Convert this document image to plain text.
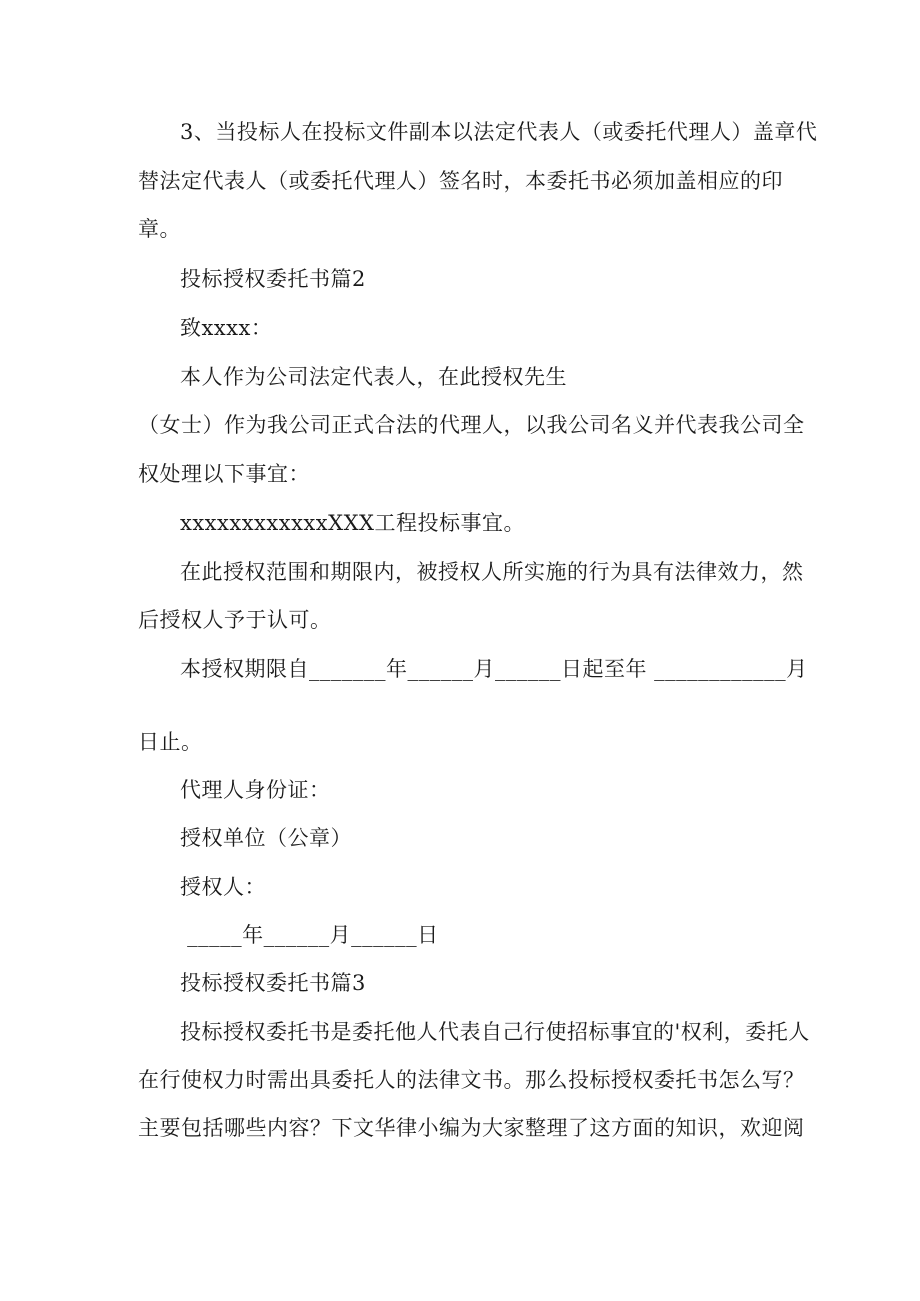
3、当投标人在投标文件副本以法定代表人（或委托代理人）盖章代
替法定代表人（或委托代理人）签名时，本委托书必须加盖相应的印
章。
投标授权委托书篇2
致xxxx：
本人作为公司法定代表人，在此授权先生
（女士）作为我公司正式合法的代理人，以我公司名义并代表我公司全
权处理以下事宜：
xxxxxxxxxxxxXXX工程投标事宜。
在此授权范围和期限内，被授权人所实施的行为具有法律效力，然
后授权人予于认可。
本授权期限自_______年______月______日起至年 ____________月
日止。
代理人身份证：
授权单位（公章）
授权人：
_____年______月______日
投标授权委托书篇3
投标授权委托书是委托他人代表自己行使招标事宜的'权利，委托人
在行使权力时需出具委托人的法律文书。那么投标授权委托书怎么写？
主要包括哪些内容？下文华律小编为大家整理了这方面的知识，欢迎阅
